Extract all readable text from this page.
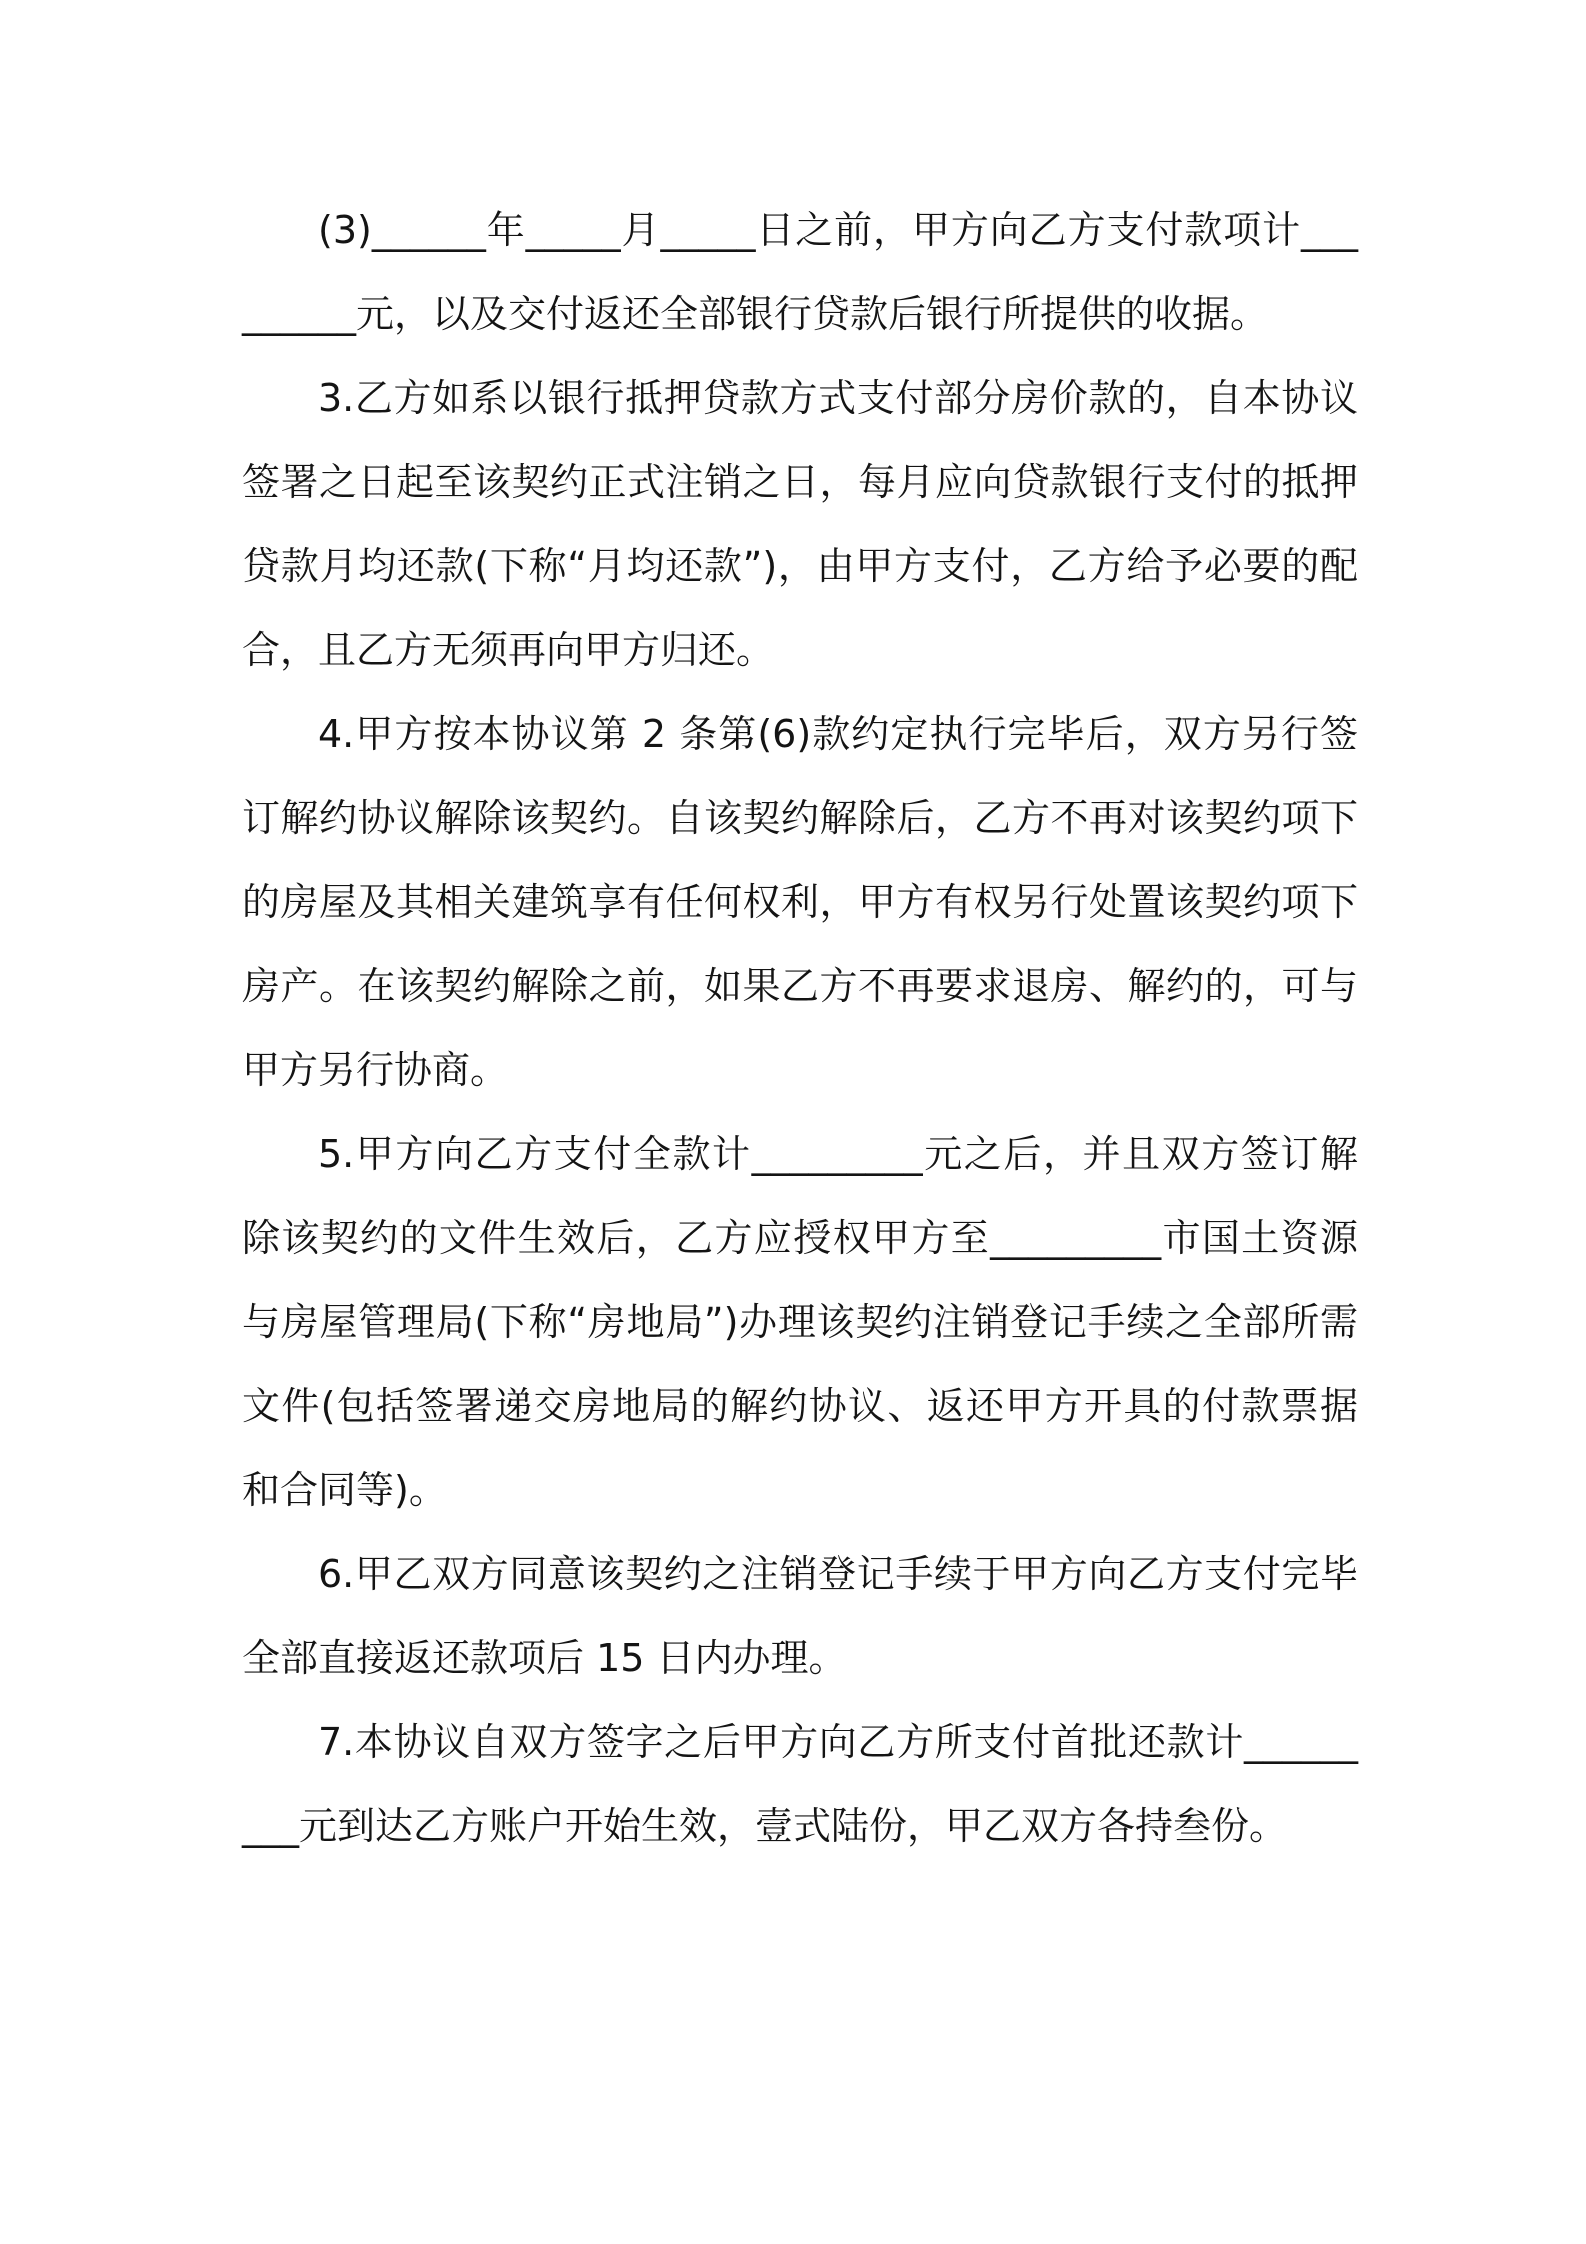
(3)______年_____月_____日之前，甲方向乙方支付款项计_________元，以及交付返还全部银行贷款后银行所提供的收据。

3.乙方如系以银行抵押贷款方式支付部分房价款的，自本协议签署之日起至该契约正式注销之日，每月应向贷款银行支付的抵押贷款月均还款(下称“月均还款”)，由甲方支付，乙方给予必要的配合，且乙方无须再向甲方归还。

4.甲方按本协议第 2 条第(6)款约定执行完毕后，双方另行签订解约协议解除该契约。自该契约解除后，乙方不再对该契约项下的房屋及其相关建筑享有任何权利，甲方有权另行处置该契约项下房产。在该契约解除之前，如果乙方不再要求退房、解约的，可与甲方另行协商。

5.甲方向乙方支付全款计_________元之后，并且双方签订解除该契约的文件生效后，乙方应授权甲方至_________市国土资源与房屋管理局(下称“房地局”)办理该契约注销登记手续之全部所需文件(包括签署递交房地局的解约协议、返还甲方开具的付款票据和合同等)。

6.甲乙双方同意该契约之注销登记手续于甲方向乙方支付完毕全部直接返还款项后 15 日内办理。

7.本协议自双方签字之后甲方向乙方所支付首批还款计_________元到达乙方账户开始生效，壹式陆份，甲乙双方各持叁份。
